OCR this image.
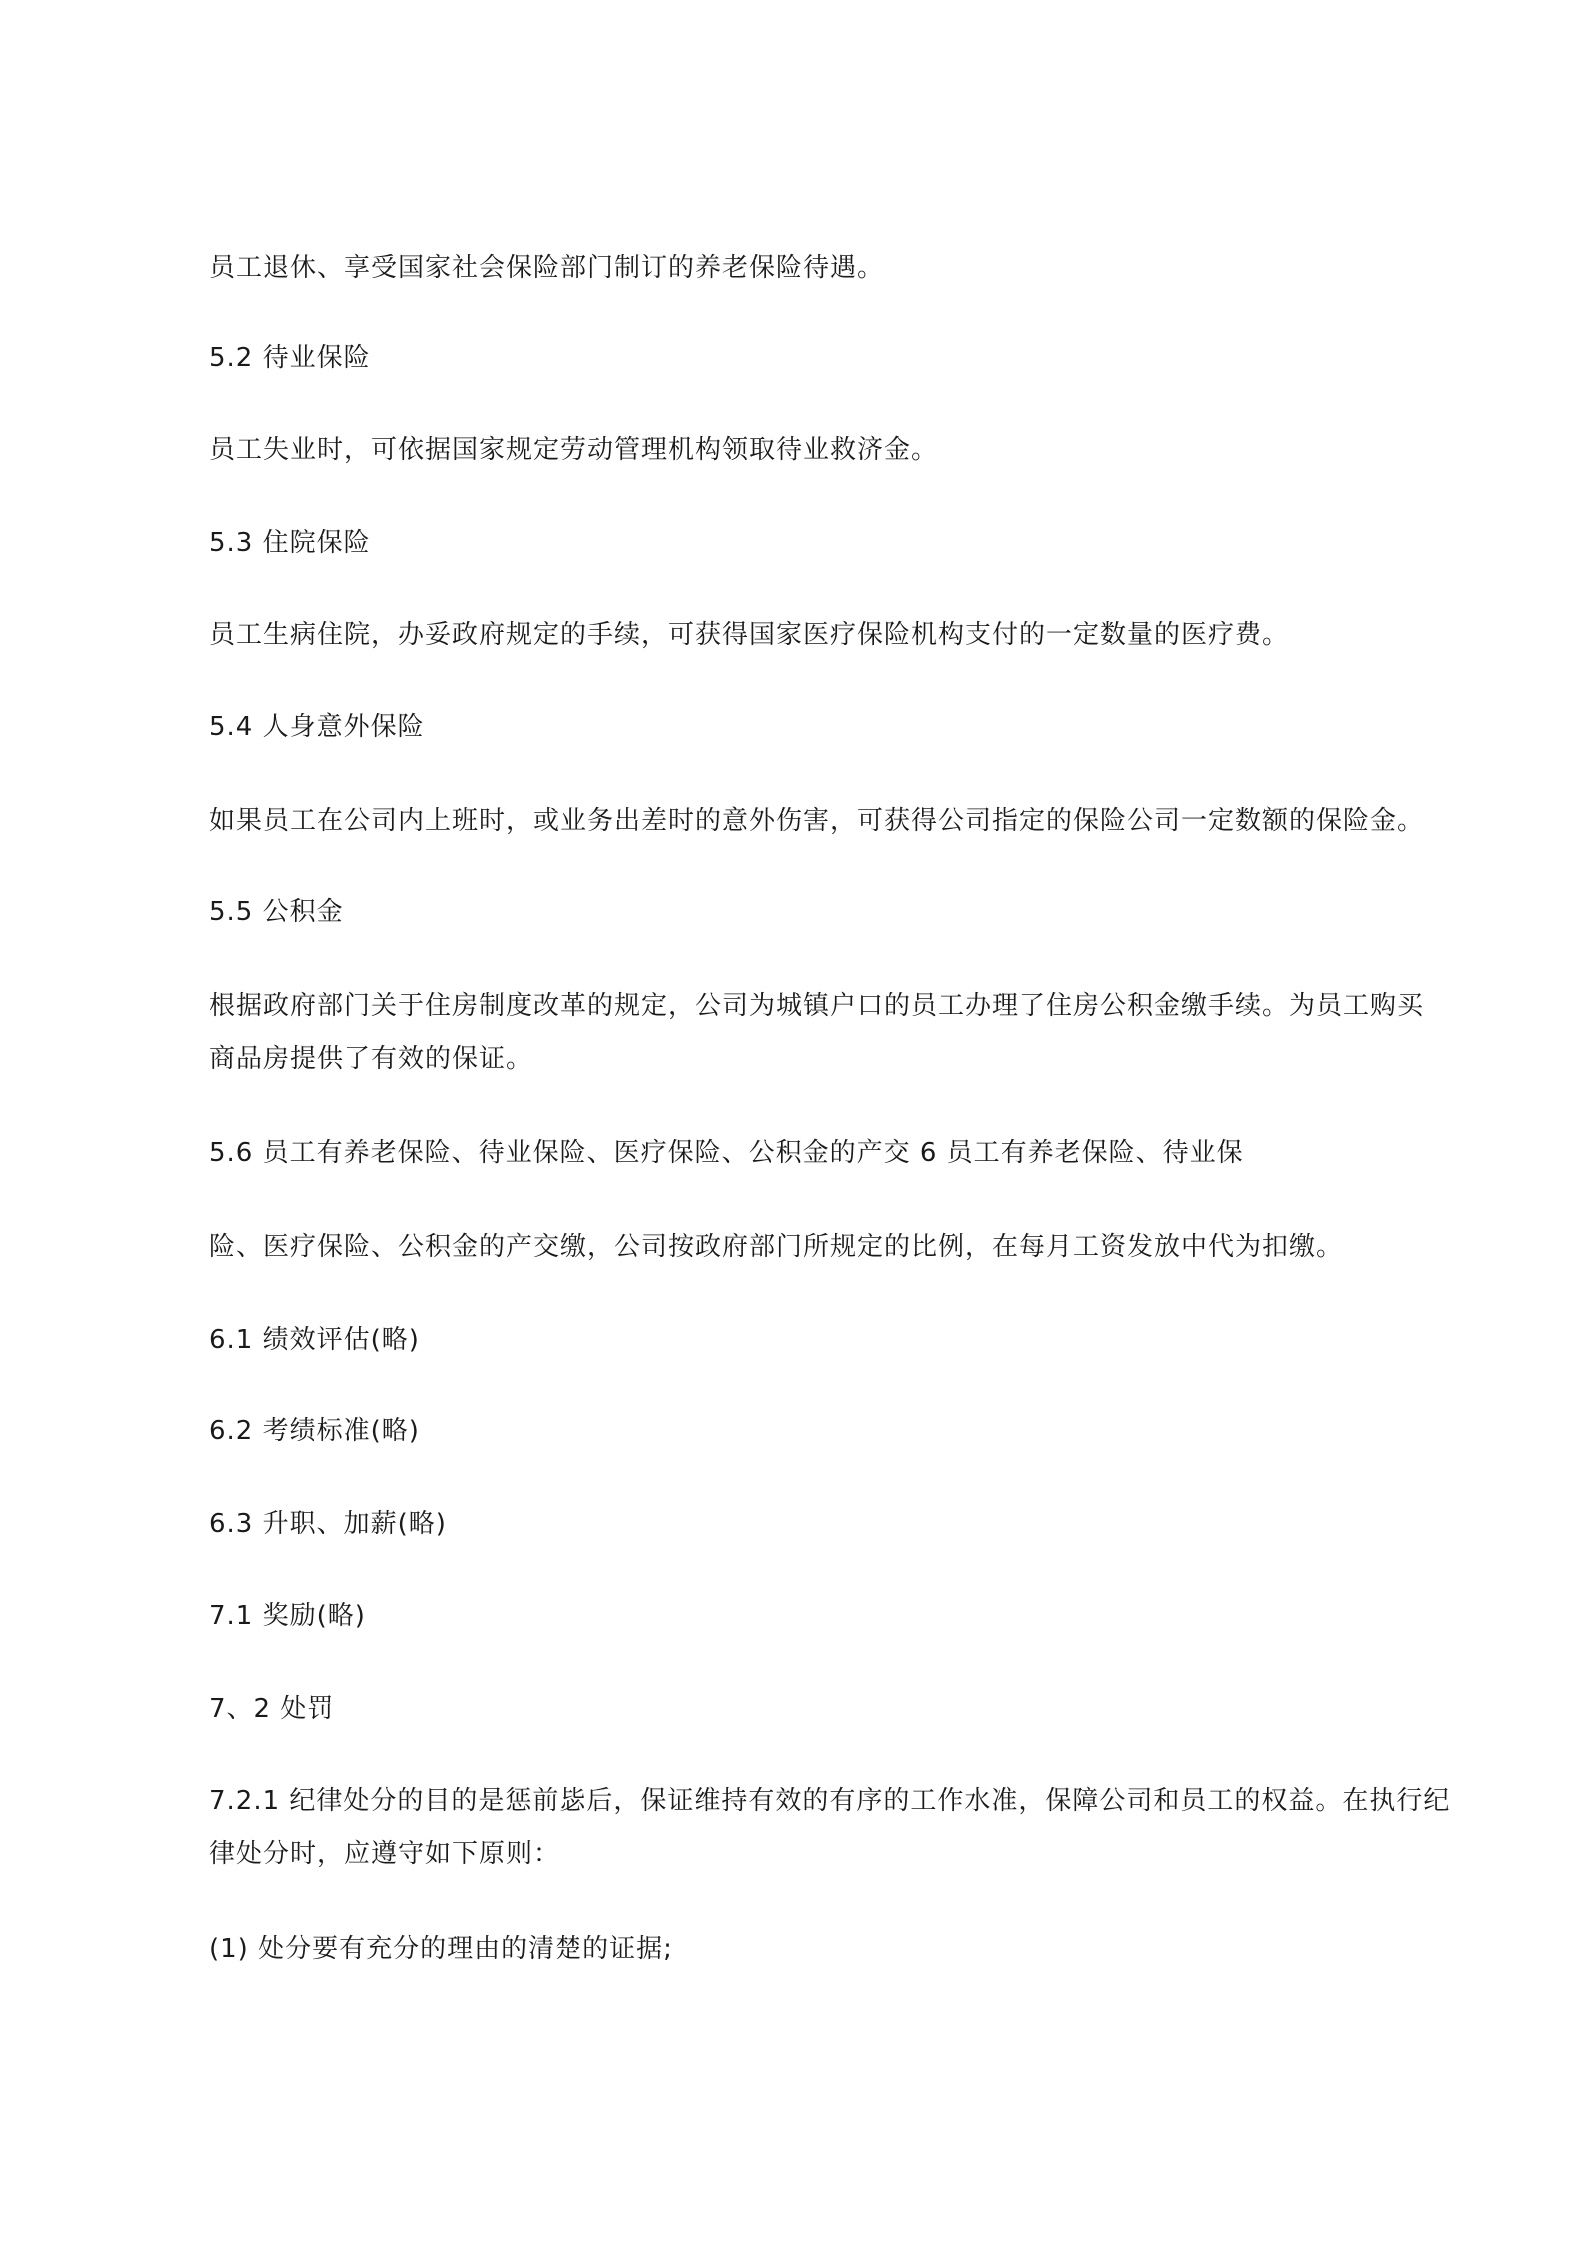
员工退休、享受国家社会保险部门制订的养老保险待遇。
5.2 待业保险
员工失业时，可依据国家规定劳动管理机构领取待业救济金。
5.3 住院保险
员工生病住院，办妥政府规定的手续，可获得国家医疗保险机构支付的一定数量的医疗费。
5.4 人身意外保险
如果员工在公司内上班时，或业务出差时的意外伤害，可获得公司指定的保险公司一定数额的保险金。
5.5 公积金
根据政府部门关于住房制度改革的规定，公司为城镇户口的员工办理了住房公积金缴手续。为员工购买
商品房提供了有效的保证。
5.6 员工有养老保险、待业保险、医疗保险、公积金的产交 6 员工有养老保险、待业保
险、医疗保险、公积金的产交缴，公司按政府部门所规定的比例，在每月工资发放中代为扣缴。
6.1 绩效评估(略)
6.2 考绩标准(略)
6.3 升职、加薪(略)
7.1 奖励(略)
7、2 处罚
7.2.1 纪律处分的目的是惩前毖后，保证维持有效的有序的工作水准，保障公司和员工的权益。在执行纪
律处分时，应遵守如下原则：
(1) 处分要有充分的理由的清楚的证据;
